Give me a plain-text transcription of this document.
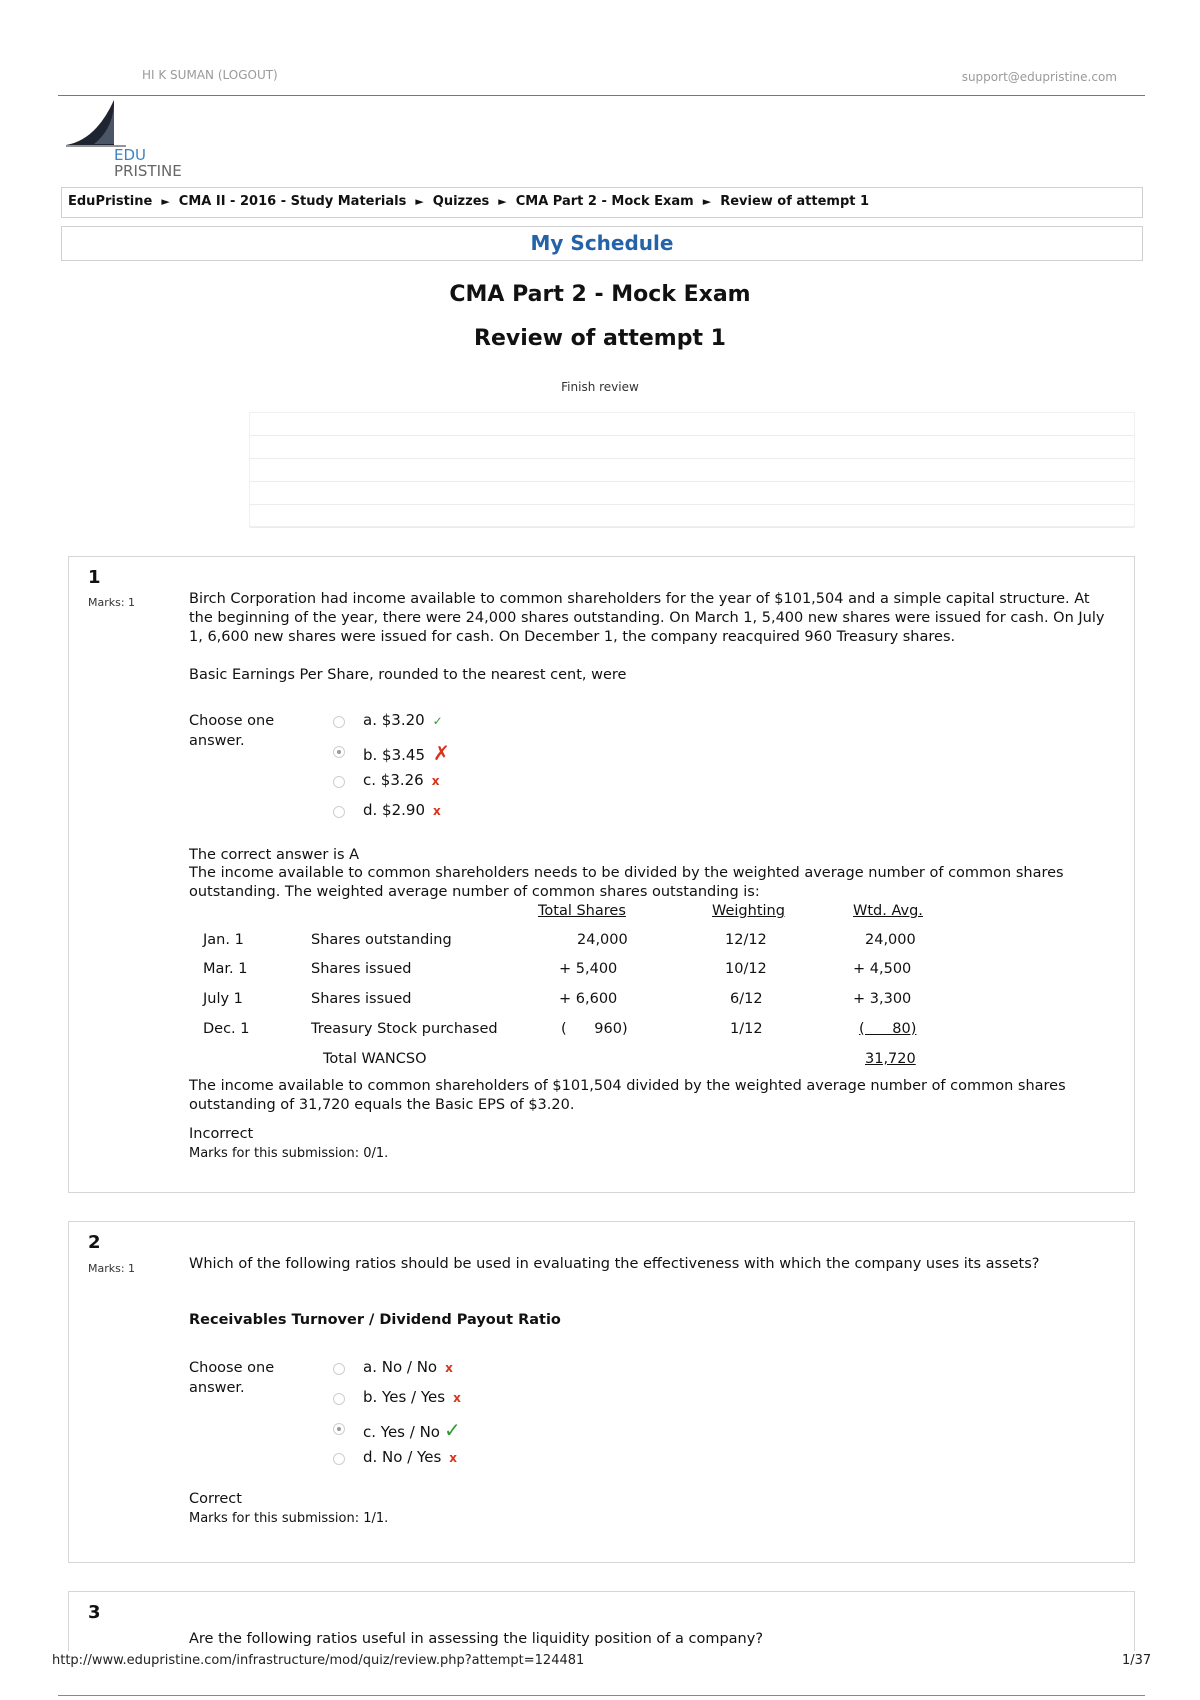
HI K SUMAN (LOGOUT)	support@edupristine.com
EDU
PRISTINE
EduPristine ► CMA II - 2016 - Study Materials ► Quizzes ► CMA Part 2 - Mock Exam ► Review of attempt 1
My Schedule
CMA Part 2 - Mock Exam
Review of attempt 1
Finish review
1
Marks: 1	Birch Corporation had income available to common shareholders for the year of $101,504 and a simple capital structure. At the beginning of the year, there were 24,000 shares outstanding. On March 1, 5,400 new shares were issued for cash. On July 1, 6,600 new shares were issued for cash. On December 1, the company reacquired 960 Treasury shares.
Basic Earnings Per Share, rounded to the nearest cent, were
Choose one answer.
a. $3.20 ✓
b. $3.45 ✗
c. $3.26 x
d. $2.90 x
The correct answer is A
The income available to common shareholders needs to be divided by the weighted average number of common shares outstanding. The weighted average number of common shares outstanding is:
Total Shares	Weighting	Wtd. Avg.
Jan. 1	Shares outstanding	24,000	12/12	24,000
Mar. 1	Shares issued	+ 5,400	10/12	+ 4,500
July 1	Shares issued	+ 6,600	6/12	+ 3,300
Dec. 1	Treasury Stock purchased	(      960)	1/12	(      80)
Total WANCSO	31,720
The income available to common shareholders of $101,504 divided by the weighted average number of common shares outstanding of 31,720 equals the Basic EPS of $3.20.
Incorrect
Marks for this submission: 0/1.
2
Marks: 1	Which of the following ratios should be used in evaluating the effectiveness with which the company uses its assets?
Receivables Turnover / Dividend Payout Ratio
Choose one answer.
a. No / No x
b. Yes / Yes x
c. Yes / No ✓
d. No / Yes x
Correct
Marks for this submission: 1/1.
3
Are the following ratios useful in assessing the liquidity position of a company?
http://www.edupristine.com/infrastructure/mod/quiz/review.php?attempt=124481	1/37
